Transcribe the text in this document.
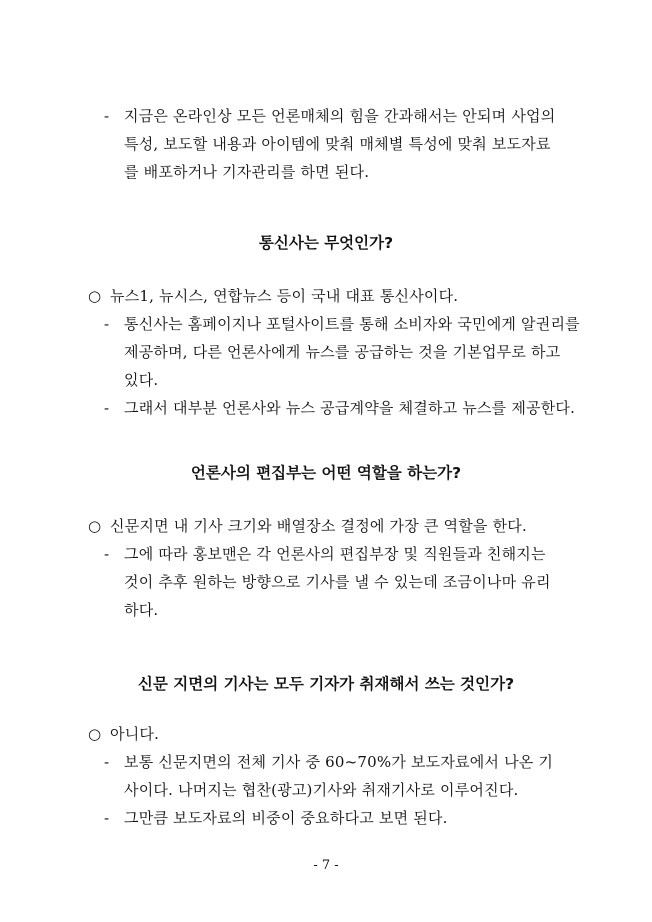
- 지금은 온라인상 모든 언론매체의 힘을 간과해서는 안되며 사업의
특성, 보도할 내용과 아이템에 맞춰 매체별 특성에 맞춰 보도자료
를 배포하거나 기자관리를 하면 된다.
통신사는 무엇인가?
○ 뉴스1, 뉴시스, 연합뉴스 등이 국내 대표 통신사이다.
- 통신사는 홈페이지나 포털사이트를 통해 소비자와 국민에게 알권리를
제공하며, 다른 언론사에게 뉴스를 공급하는 것을 기본업무로 하고
있다.
- 그래서 대부분 언론사와 뉴스 공급계약을 체결하고 뉴스를 제공한다.
언론사의 편집부는 어떤 역할을 하는가?
○ 신문지면 내 기사 크기와 배열장소 결정에 가장 큰 역할을 한다.
- 그에 따라 홍보맨은 각 언론사의 편집부장 및 직원들과 친해지는
것이 추후 원하는 방향으로 기사를 낼 수 있는데 조금이나마 유리
하다.
신문 지면의 기사는 모두 기자가 취재해서 쓰는 것인가?
○ 아니다.
- 보통 신문지면의 전체 기사 중 60~70%가 보도자료에서 나온 기
사이다. 나머지는 협찬(광고)기사와 취재기사로 이루어진다.
- 그만큼 보도자료의 비중이 중요하다고 보면 된다.
- 7 -
